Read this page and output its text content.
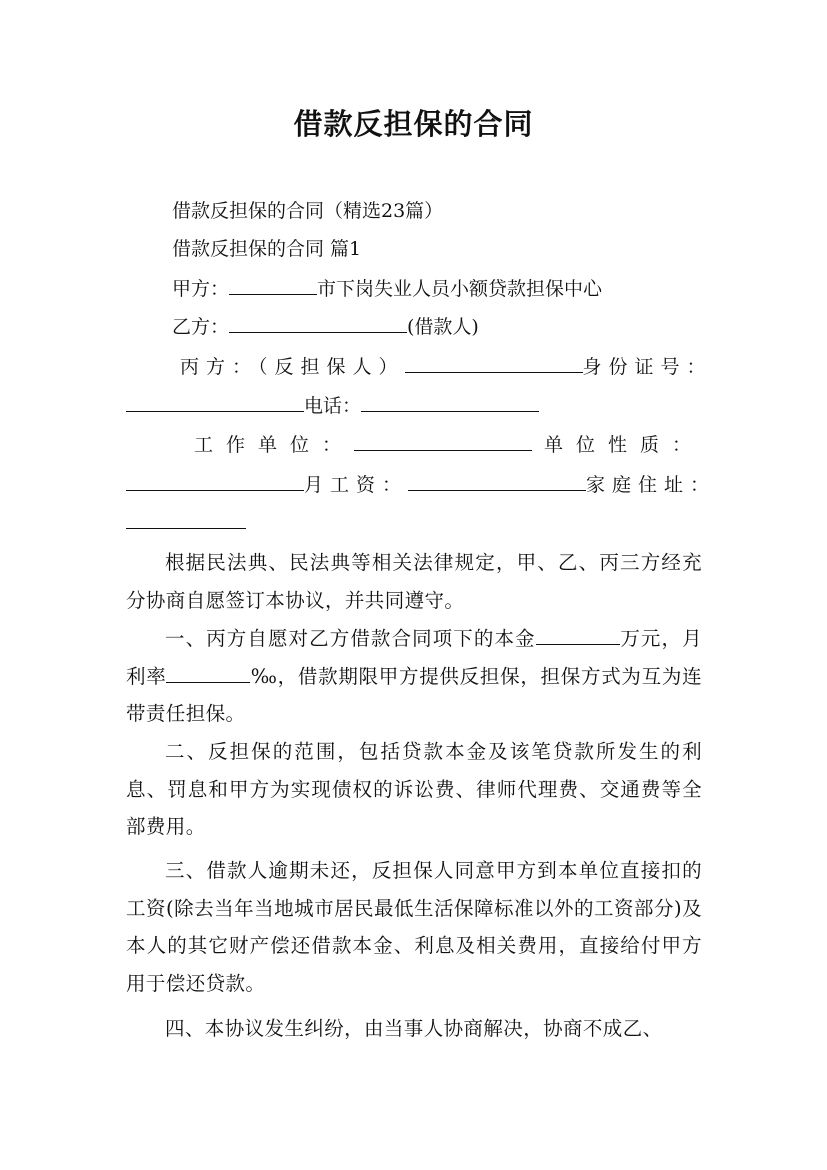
借款反担保的合同
借款反担保的合同（精选23篇）
借款反担保的合同 篇1
甲方：	市下岗失业人员小额贷款担保中心
乙方：	(借款人)
丙方：（反担保人）	身份证号：
电话：
工作单位：	单位性质：
月工资：	家庭住址：
根据民法典、民法典等相关法律规定，甲、乙、丙三方经充分协商自愿签订本协议，并共同遵守。
一、丙方自愿对乙方借款合同项下的本金	万元，月利率	‰，借款期限甲方提供反担保，担保方式为互为连带责任担保。
二、反担保的范围，包括贷款本金及该笔贷款所发生的利息、罚息和甲方为实现债权的诉讼费、律师代理费、交通费等全部费用。
三、借款人逾期未还，反担保人同意甲方到本单位直接扣的工资(除去当年当地城市居民最低生活保障标准以外的工资部分)及本人的其它财产偿还借款本金、利息及相关费用，直接给付甲方用于偿还贷款。
四、本协议发生纠纷，由当事人协商解决，协商不成乙、
